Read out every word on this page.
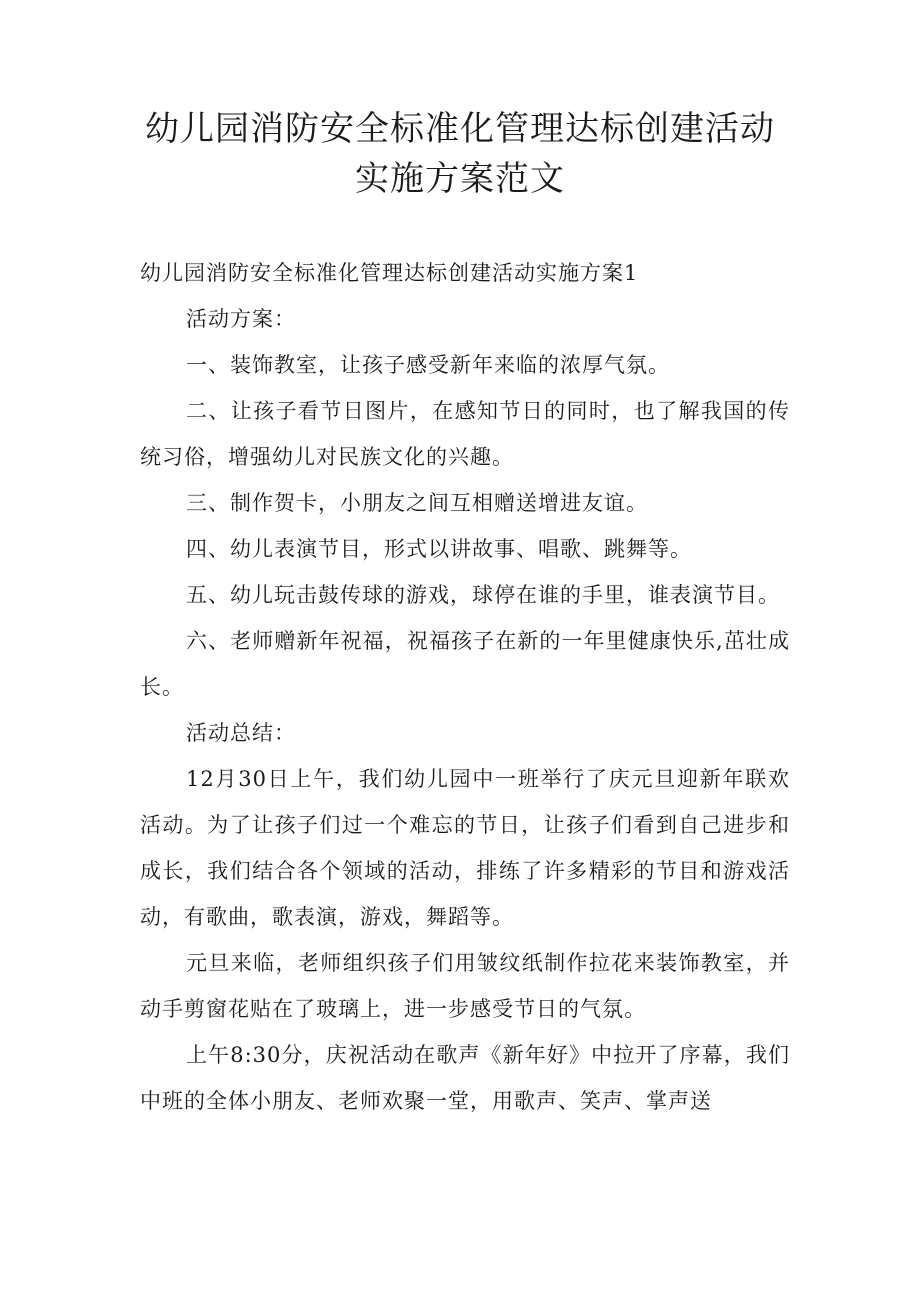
幼儿园消防安全标准化管理达标创建活动
实施方案范文

幼儿园消防安全标准化管理达标创建活动实施方案1

活动方案：

一、装饰教室，让孩子感受新年来临的浓厚气氛。

二、让孩子看节日图片，在感知节日的同时，也了解我国的传统习俗，增强幼儿对民族文化的兴趣。

三、制作贺卡，小朋友之间互相赠送增进友谊。

四、幼儿表演节目，形式以讲故事、唱歌、跳舞等。

五、幼儿玩击鼓传球的游戏，球停在谁的手里，谁表演节目。

六、老师赠新年祝福，祝福孩子在新的一年里健康快乐,茁壮成长。

活动总结：

12月30日上午，我们幼儿园中一班举行了庆元旦迎新年联欢活动。为了让孩子们过一个难忘的节日，让孩子们看到自己进步和成长，我们结合各个领域的活动，排练了许多精彩的节目和游戏活动，有歌曲，歌表演，游戏，舞蹈等。

元旦来临，老师组织孩子们用皱纹纸制作拉花来装饰教室，并动手剪窗花贴在了玻璃上，进一步感受节日的气氛。

上午8:30分，庆祝活动在歌声《新年好》中拉开了序幕，我们中班的全体小朋友、老师欢聚一堂，用歌声、笑声、掌声送
